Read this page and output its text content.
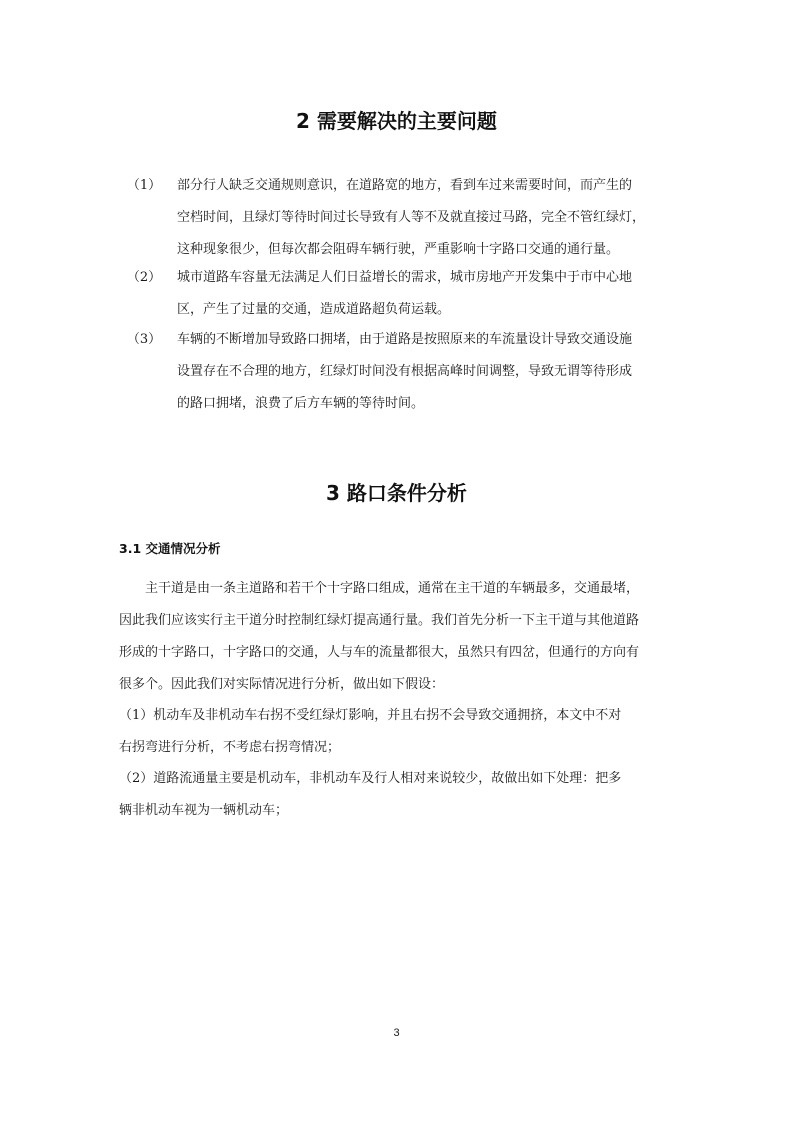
2 需要解决的主要问题
（1）	部分行人缺乏交通规则意识，在道路宽的地方，看到车过来需要时间，而产生的
空档时间，且绿灯等待时间过长导致有人等不及就直接过马路，完全不管红绿灯，
这种现象很少，但每次都会阻碍车辆行驶，严重影响十字路口交通的通行量。
（2）	城市道路车容量无法满足人们日益增长的需求，城市房地产开发集中于市中心地
区，产生了过量的交通，造成道路超负荷运载。
（3）	车辆的不断增加导致路口拥堵，由于道路是按照原来的车流量设计导致交通设施
设置存在不合理的地方，红绿灯时间没有根据高峰时间调整，导致无谓等待形成
的路口拥堵，浪费了后方车辆的等待时间。
3 路口条件分析
3.1 交通情况分析
　　主干道是由一条主道路和若干个十字路口组成，通常在主干道的车辆最多，交通最堵，
因此我们应该实行主干道分时控制红绿灯提高通行量。我们首先分析一下主干道与其他道路
形成的十字路口，十字路口的交通，人与车的流量都很大，虽然只有四岔，但通行的方向有
很多个。因此我们对实际情况进行分析，做出如下假设：
（1）机动车及非机动车右拐不受红绿灯影响，并且右拐不会导致交通拥挤，本文中不对
右拐弯进行分析，不考虑右拐弯情况；
（2）道路流通量主要是机动车，非机动车及行人相对来说较少，故做出如下处理：把多
辆非机动车视为一辆机动车；
3
